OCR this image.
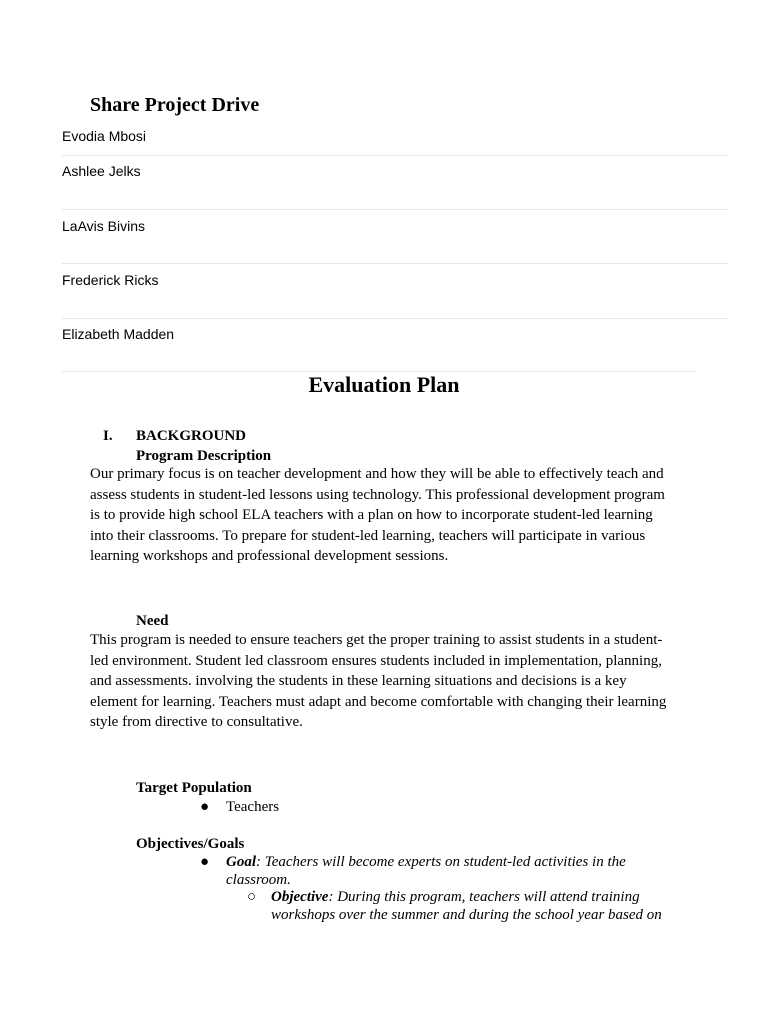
Share Project Drive
Evodia Mbosi
Ashlee Jelks
LaAvis Bivins
Frederick Ricks
Elizabeth Madden
Evaluation Plan
I. BACKGROUND
Program Description
Our primary focus is on teacher development and how they will be able to effectively teach and
assess students in student-led lessons using technology. This professional development program
is to provide high school ELA teachers with a plan on how to incorporate student-led learning
into their classrooms. To prepare for student-led learning, teachers will participate in various
learning workshops and professional development sessions.
Need
This program is needed to ensure teachers get the proper training to assist students in a student-
led environment. Student led classroom ensures students included in implementation, planning,
and assessments. involving the students in these learning situations and decisions is a key
element for learning. Teachers must adapt and become comfortable with changing their learning
style from directive to consultative.
Target Population
● Teachers
Objectives/Goals
● Goal: Teachers will become experts on student-led activities in the
classroom.
○ Objective: During this program, teachers will attend training
workshops over the summer and during the school year based on
